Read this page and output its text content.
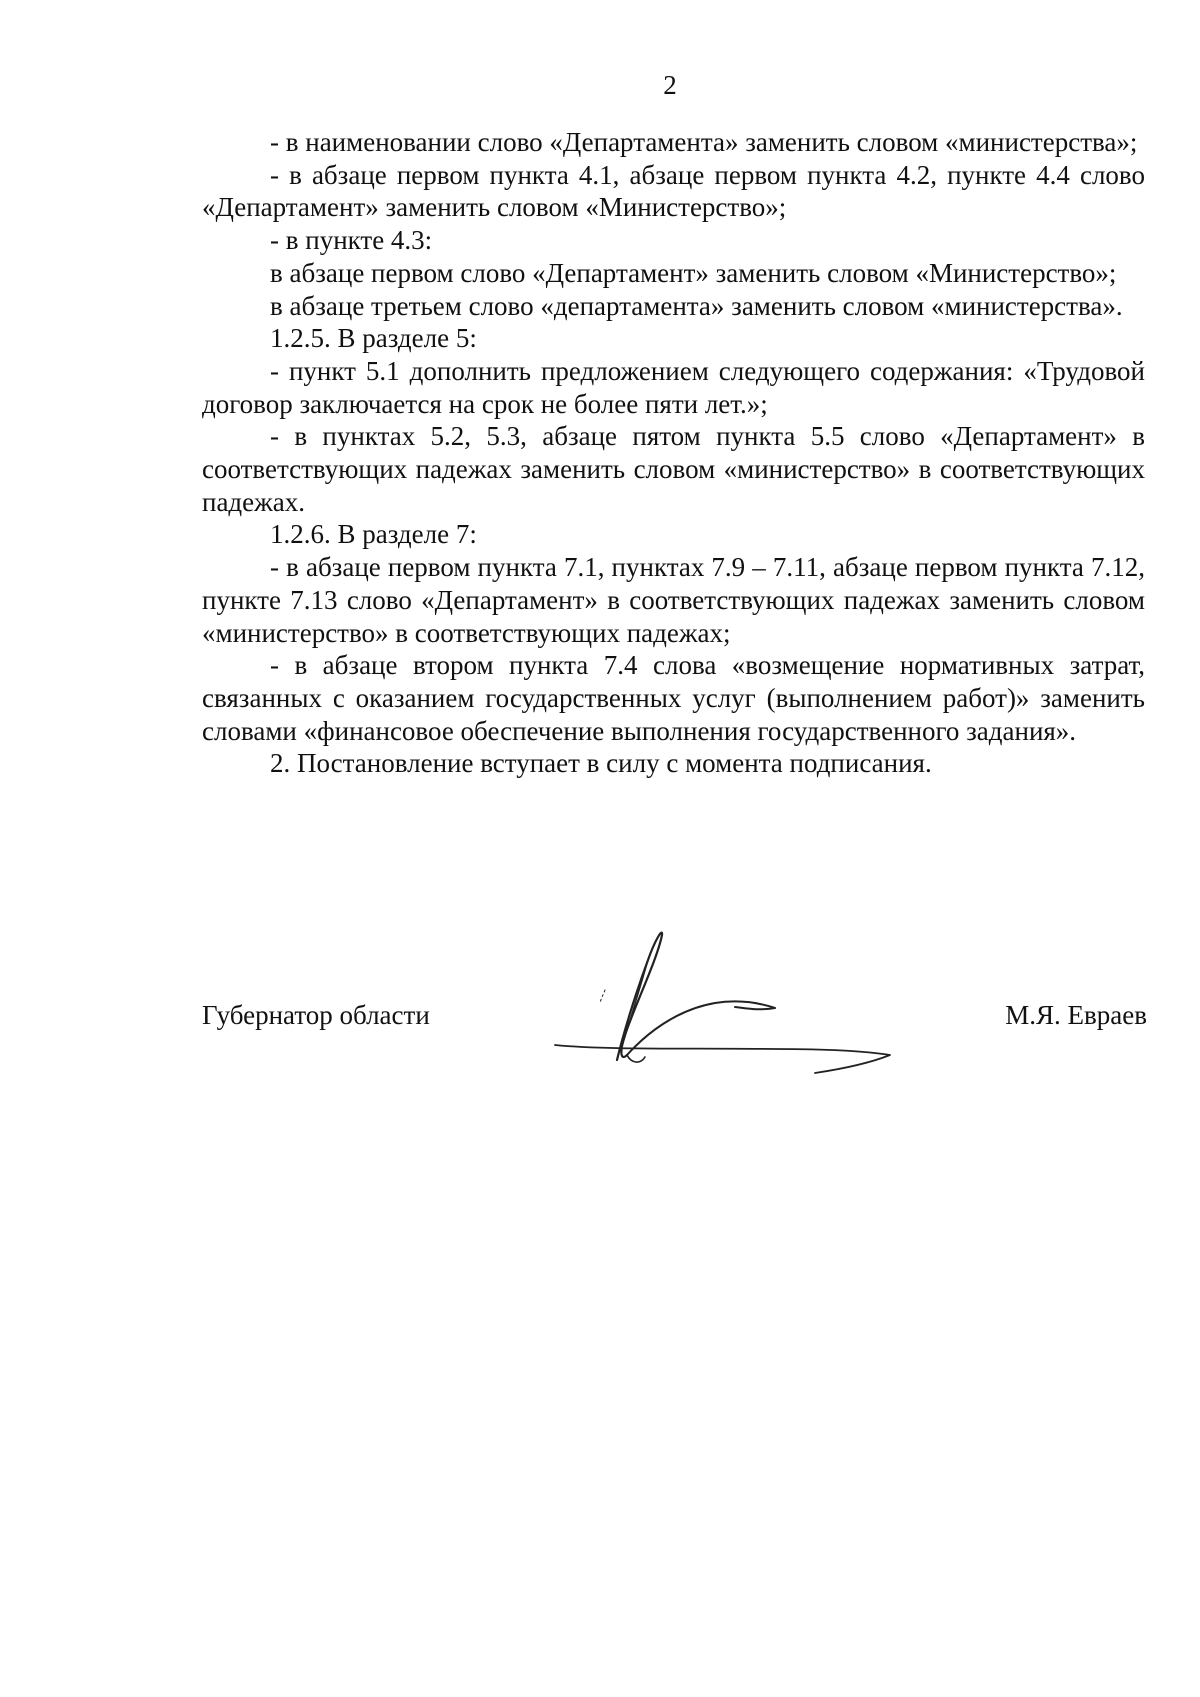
2

- в наименовании слово «Департамента» заменить словом «министерства»;

- в абзаце первом пункта 4.1, абзаце первом пункта 4.2, пункте 4.4 слово «Департамент» заменить словом «Министерство»;

- в пункте 4.3:

в абзаце первом слово «Департамент» заменить словом «Министерство»;

в абзаце третьем слово «департамента» заменить словом «министерства».

1.2.5. В разделе 5:

- пункт 5.1 дополнить предложением следующего содержания: «Трудовой договор заключается на срок не более пяти лет.»;

- в пунктах 5.2, 5.3, абзаце пятом пункта 5.5 слово «Департамент» в соответствующих падежах заменить словом «министерство» в соответствующих падежах.

1.2.6. В разделе 7:

- в абзаце первом пункта 7.1, пунктах 7.9 – 7.11, абзаце первом пункта 7.12, пункте 7.13 слово «Департамент» в соответствующих падежах заменить словом «министерство» в соответствующих падежах;

- в абзаце втором пункта 7.4 слова «возмещение нормативных затрат, связанных с оказанием государственных услуг (выполнением работ)» заменить словами «финансовое обеспечение выполнения государственного задания».

2. Постановление вступает в силу с момента подписания.

Губернатор области	М.Я. Евраев
